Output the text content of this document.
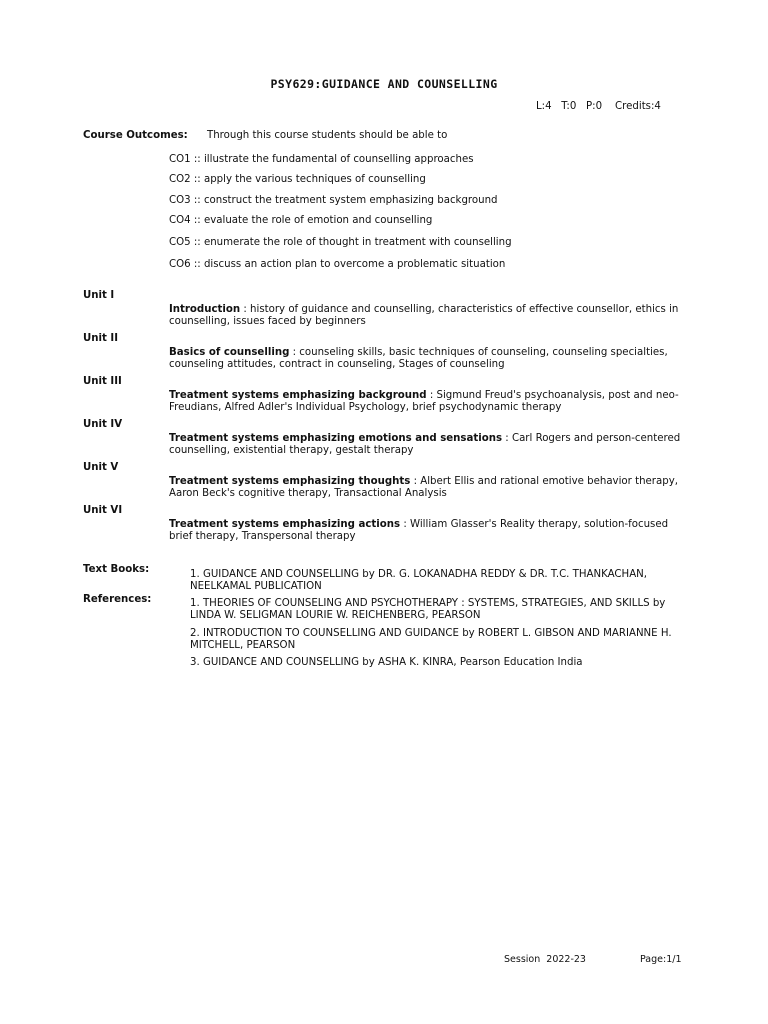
PSY629:GUIDANCE AND COUNSELLING
L:4   T:0   P:0    Credits:4
Course Outcomes: Through this course students should be able to
CO1 :: illustrate the fundamental of counselling approaches
CO2 :: apply the various techniques of counselling
CO3 :: construct the treatment system emphasizing background
CO4 :: evaluate the role of emotion and counselling
CO5 :: enumerate the role of thought in treatment with counselling
CO6 :: discuss an action plan to overcome a problematic situation
Unit I
Introduction : history of guidance and counselling, characteristics of effective counsellor, ethics in counselling, issues faced by beginners
Unit II
Basics of counselling : counseling skills, basic techniques of counseling, counseling specialties, counseling attitudes, contract in counseling, Stages of counseling
Unit III
Treatment systems emphasizing background : Sigmund Freud's psychoanalysis, post and neo-Freudians, Alfred Adler's Individual Psychology, brief psychodynamic therapy
Unit IV
Treatment systems emphasizing emotions and sensations : Carl Rogers and person-centered counselling, existential therapy, gestalt therapy
Unit V
Treatment systems emphasizing thoughts : Albert Ellis and rational emotive behavior therapy, Aaron Beck's cognitive therapy, Transactional Analysis
Unit VI
Treatment systems emphasizing actions : William Glasser's Reality therapy, solution-focused brief therapy, Transpersonal therapy
Text Books:	1. GUIDANCE AND COUNSELLING by DR. G. LOKANADHA REDDY & DR. T.C. THANKACHAN, NEELKAMAL PUBLICATION
References:	1. THEORIES OF COUNSELING AND PSYCHOTHERAPY : SYSTEMS, STRATEGIES, AND SKILLS by LINDA W. SELIGMAN LOURIE W. REICHENBERG, PEARSON
2. INTRODUCTION TO COUNSELLING AND GUIDANCE by ROBERT L. GIBSON AND MARIANNE H. MITCHELL, PEARSON
3. GUIDANCE AND COUNSELLING by ASHA K. KINRA, Pearson Education India
Session  2022-23	Page:1/1
